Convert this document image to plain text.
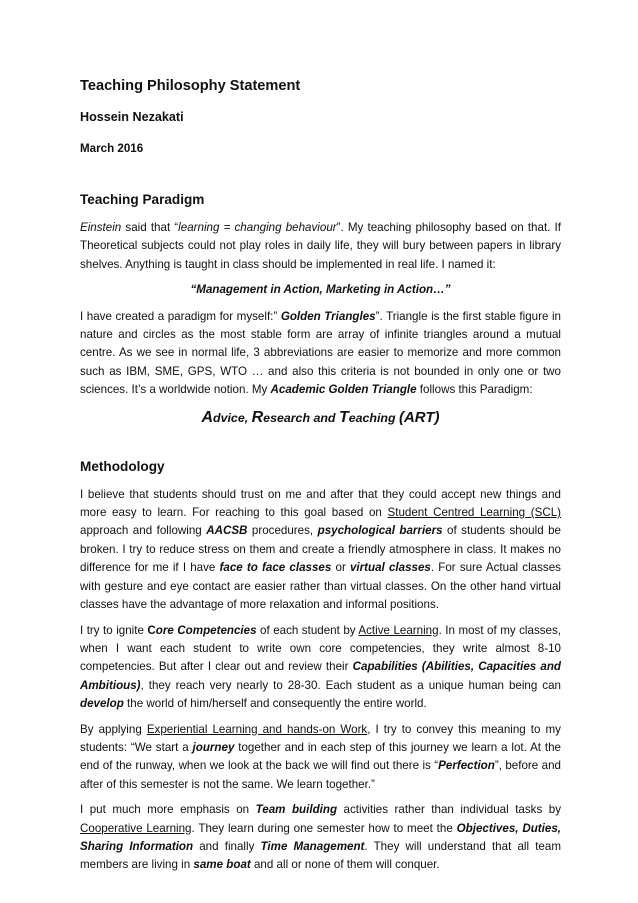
Teaching Philosophy Statement
Hossein Nezakati
March 2016
Teaching Paradigm

Einstein said that “learning = changing behaviour”. My teaching philosophy based on that. If Theoretical subjects could not play roles in daily life, they will bury between papers in library shelves. Anything is taught in class should be implemented in real life. I named it:

“Management in Action, Marketing in Action…”

I have created a paradigm for myself:” Golden Triangles”. Triangle is the first stable figure in nature and circles as the most stable form are array of infinite triangles around a mutual centre. As we see in normal life, 3 abbreviations are easier to memorize and more common such as IBM, SME, GPS, WTO … and also this criteria is not bounded in only one or two sciences. It’s a worldwide notion. My Academic Golden Triangle follows this Paradigm:

Advice, Research and Teaching (ART)

Methodology

I believe that students should trust on me and after that they could accept new things and more easy to learn. For reaching to this goal based on Student Centred Learning (SCL) approach and following AACSB procedures, psychological barriers of students should be broken. I try to reduce stress on them and create a friendly atmosphere in class. It makes no difference for me if I have face to face classes or virtual classes. For sure Actual classes with gesture and eye contact are easier rather than virtual classes. On the other hand virtual classes have the advantage of more relaxation and informal positions.

I try to ignite Core Competencies of each student by Active Learning. In most of my classes, when I want each student to write own core competencies, they write almost 8-10 competencies. But after I clear out and review their Capabilities (Abilities, Capacities and Ambitious), they reach very nearly to 28-30. Each student as a unique human being can develop the world of him/herself and consequently the entire world.

By applying Experiential Learning and hands-on Work, I try to convey this meaning to my students: “We start a journey together and in each step of this journey we learn a lot. At the end of the runway, when we look at the back we will find out there is “Perfection”, before and after of this semester is not the same. We learn together.”

I put much more emphasis on Team building activities rather than individual tasks by Cooperative Learning. They learn during one semester how to meet the Objectives, Duties, Sharing Information and finally Time Management. They will understand that all team members are living in same boat and all or none of them will conquer.
